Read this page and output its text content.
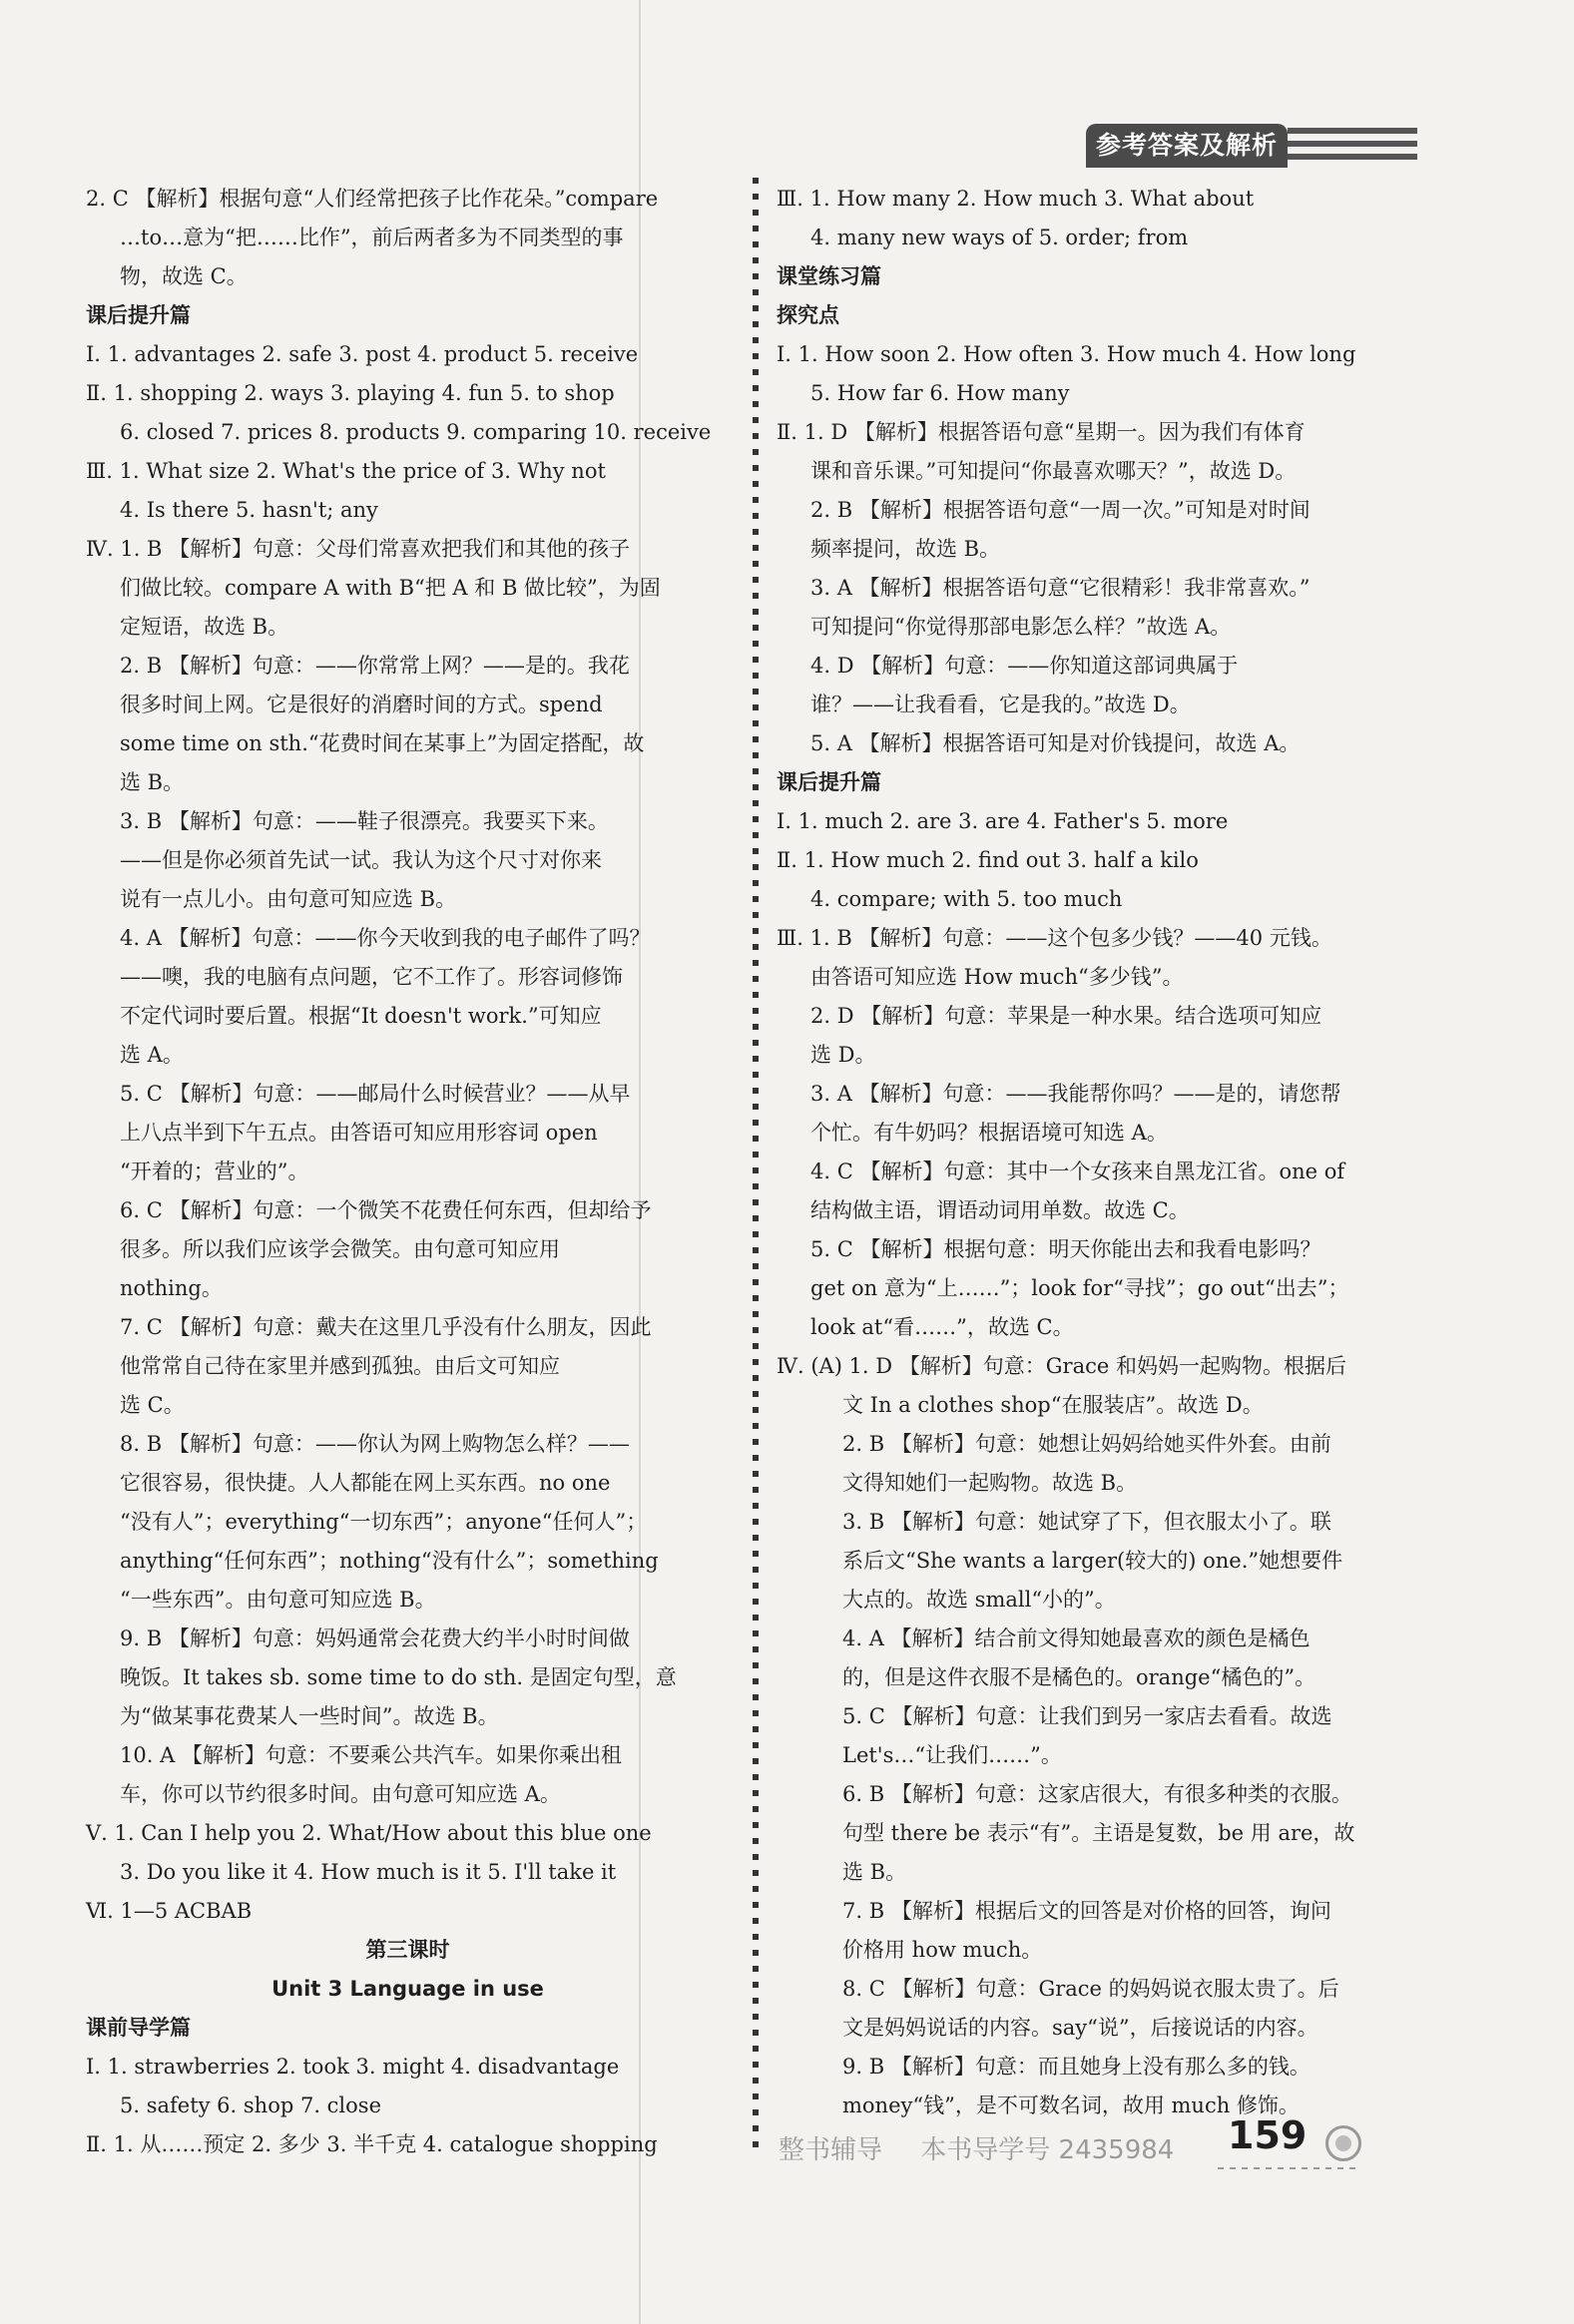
参考答案及解析
2. C 【解析】根据句意“人们经常把孩子比作花朵。”compare
…to…意为“把……比作”，前后两者多为不同类型的事
物，故选 C。
课后提升篇
Ⅰ. 1. advantages 2. safe 3. post 4. product 5. receive
Ⅱ. 1. shopping 2. ways 3. playing 4. fun 5. to shop
6. closed 7. prices 8. products 9. comparing 10. receive
Ⅲ. 1. What size 2. What's the price of 3. Why not
4. Is there 5. hasn't; any
Ⅳ. 1. B 【解析】句意：父母们常喜欢把我们和其他的孩子
们做比较。compare A with B“把 A 和 B 做比较”，为固
定短语，故选 B。
2. B 【解析】句意：——你常常上网？——是的。我花
很多时间上网。它是很好的消磨时间的方式。spend
some time on sth.“花费时间在某事上”为固定搭配，故
选 B。
3. B 【解析】句意：——鞋子很漂亮。我要买下来。
——但是你必须首先试一试。我认为这个尺寸对你来
说有一点儿小。由句意可知应选 B。
4. A 【解析】句意：——你今天收到我的电子邮件了吗？
——噢，我的电脑有点问题，它不工作了。形容词修饰
不定代词时要后置。根据“It doesn't work.”可知应
选 A。
5. C 【解析】句意：——邮局什么时候营业？——从早
上八点半到下午五点。由答语可知应用形容词 open
“开着的；营业的”。
6. C 【解析】句意：一个微笑不花费任何东西，但却给予
很多。所以我们应该学会微笑。由句意可知应用
nothing。
7. C 【解析】句意：戴夫在这里几乎没有什么朋友，因此
他常常自己待在家里并感到孤独。由后文可知应
选 C。
8. B 【解析】句意：——你认为网上购物怎么样？——
它很容易，很快捷。人人都能在网上买东西。no one
“没有人”；everything“一切东西”；anyone“任何人”；
anything“任何东西”；nothing“没有什么”；something
“一些东西”。由句意可知应选 B。
9. B 【解析】句意：妈妈通常会花费大约半小时时间做
晚饭。It takes sb. some time to do sth. 是固定句型，意
为“做某事花费某人一些时间”。故选 B。
10. A 【解析】句意：不要乘公共汽车。如果你乘出租
车，你可以节约很多时间。由句意可知应选 A。
Ⅴ. 1. Can I help you 2. What/How about this blue one
3. Do you like it 4. How much is it 5. I'll take it
Ⅵ. 1—5 ACBAB
第三课时
Unit 3 Language in use
课前导学篇
Ⅰ. 1. strawberries 2. took 3. might 4. disadvantage
5. safety 6. shop 7. close
Ⅱ. 1. 从……预定 2. 多少 3. 半千克 4. catalogue shopping
Ⅲ. 1. How many 2. How much 3. What about
4. many new ways of 5. order; from
课堂练习篇
探究点
Ⅰ. 1. How soon 2. How often 3. How much 4. How long
5. How far 6. How many
Ⅱ. 1. D 【解析】根据答语句意“星期一。因为我们有体育
课和音乐课。”可知提问“你最喜欢哪天？”，故选 D。
2. B 【解析】根据答语句意“一周一次。”可知是对时间
频率提问，故选 B。
3. A 【解析】根据答语句意“它很精彩！我非常喜欢。”
可知提问“你觉得那部电影怎么样？”故选 A。
4. D 【解析】句意：——你知道这部词典属于
谁？——让我看看，它是我的。”故选 D。
5. A 【解析】根据答语可知是对价钱提问，故选 A。
课后提升篇
Ⅰ. 1. much 2. are 3. are 4. Father's 5. more
Ⅱ. 1. How much 2. find out 3. half a kilo
4. compare; with 5. too much
Ⅲ. 1. B 【解析】句意：——这个包多少钱？——40 元钱。
由答语可知应选 How much“多少钱”。
2. D 【解析】句意：苹果是一种水果。结合选项可知应
选 D。
3. A 【解析】句意：——我能帮你吗？——是的，请您帮
个忙。有牛奶吗？根据语境可知选 A。
4. C 【解析】句意：其中一个女孩来自黑龙江省。one of
结构做主语，谓语动词用单数。故选 C。
5. C 【解析】根据句意：明天你能出去和我看电影吗？
get on 意为“上……”；look for“寻找”；go out“出去”；
look at“看……”，故选 C。
Ⅳ. (A) 1. D 【解析】句意：Grace 和妈妈一起购物。根据后
文 In a clothes shop“在服装店”。故选 D。
2. B 【解析】句意：她想让妈妈给她买件外套。由前
文得知她们一起购物。故选 B。
3. B 【解析】句意：她试穿了下，但衣服太小了。联
系后文“She wants a larger(较大的) one.”她想要件
大点的。故选 small“小的”。
4. A 【解析】结合前文得知她最喜欢的颜色是橘色
的，但是这件衣服不是橘色的。orange“橘色的”。
5. C 【解析】句意：让我们到另一家店去看看。故选
Let's…“让我们……”。
6. B 【解析】句意：这家店很大，有很多种类的衣服。
句型 there be 表示“有”。主语是复数，be 用 are，故
选 B。
7. B 【解析】根据后文的回答是对价格的回答，询问
价格用 how much。
8. C 【解析】句意：Grace 的妈妈说衣服太贵了。后
文是妈妈说话的内容。say“说”，后接说话的内容。
9. B 【解析】句意：而且她身上没有那么多的钱。
money“钱”，是不可数名词，故用 much 修饰。
整书辅导 本书导学号 2435984	159
